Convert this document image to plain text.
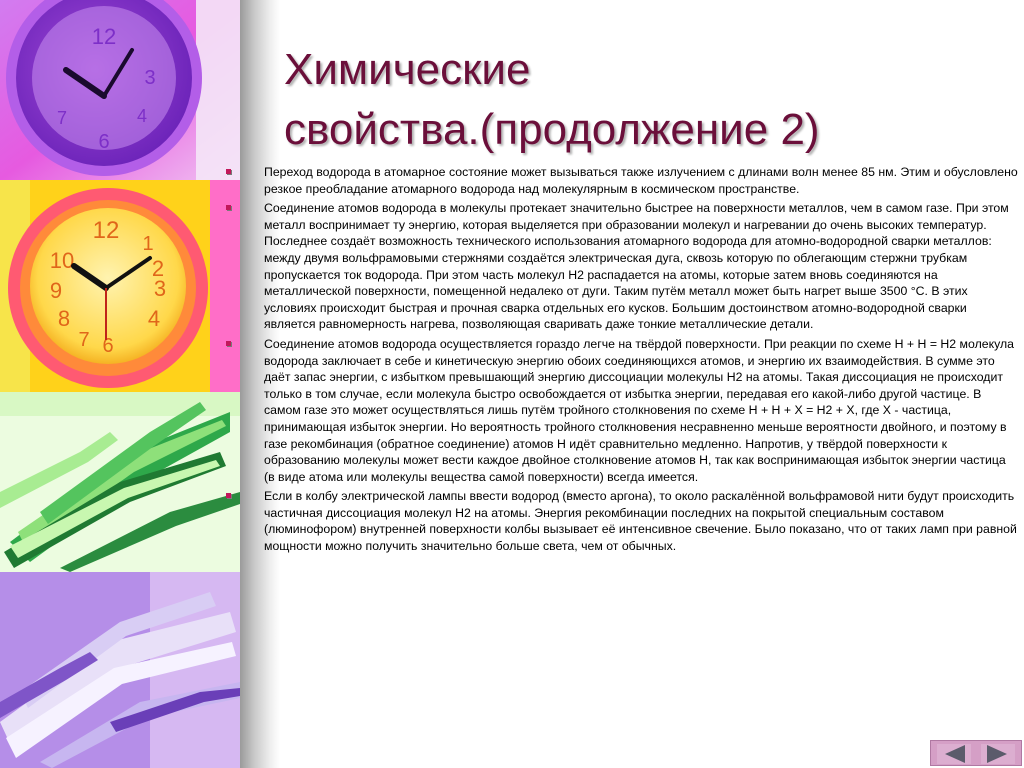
12
3
6
7	4
12 1
2
3
4
10
9
8
7 6
Химические
свойства.(продолжение 2)
Переход водорода в атомарное состояние может вызываться также излучением с длинами волн менее 85 нм. Этим и обусловлено резкое преобладание атомарного водорода над молекулярным в космическом пространстве.
Соединение атомов водорода в молекулы протекает значительно быстрее на поверхности металлов, чем в самом газе. При этом металл воспринимает ту энергию, которая выделяется при образовании молекул и нагревании до очень высоких температур. Последнее создаёт возможность технического использования атомарного водорода для атомно-водородной сварки металлов: между двумя вольфрамовыми стержнями создаётся электрическая дуга, сквозь которую по облегающим стержни трубкам пропускается ток водорода. При этом часть молекул Н2 распадается на атомы, которые затем вновь соединяются на металлической поверхности, помещенной недалеко от дуги. Таким путём металл может быть нагрет выше 3500 °С. В этих условиях происходит быстрая и прочная сварка отдельных его кусков. Большим достоинством атомно-водородной сварки является равномерность нагрева, позволяющая сваривать даже тонкие металлические детали.
Соединение атомов водорода осуществляется гораздо легче на твёрдой поверхности. При реакции по схеме Н + Н = Н2 молекула водорода заключает в себе и кинетическую энергию обоих соединяющихся атомов, и энергию их взаимодействия. В сумме это даёт запас энергии, с избытком превышающий энергию диссоциации молекулы Н2 на атомы. Такая диссоциация не происходит только в том случае, если молекула быстро освобождается от избытка энергии, передавая его какой-либо другой частице. В самом газе это может осуществляться лишь путём тройного столкновения по схеме Н + Н + Х = Н2 + Х, где Х - частица, принимающая избыток энергии. Но вероятность тройного столкновения несравненно меньше вероятности двойного, и поэтому в газе рекомбинация (обратное соединение) атомов Н идёт сравнительно медленно. Напротив, у твёрдой поверхности к образованию молекулы может вести каждое двойное столкновение атомов Н, так как воспринимающая избыток энергии частица (в виде атома или молекулы вещества самой поверхности) всегда имеется.
Если в колбу электрической лампы ввести водород (вместо аргона), то около раскалённой вольфрамовой нити будут происходить частичная диссоциация молекул Н2 на атомы. Энергия рекомбинации последних на покрытой специальным составом (люминофором) внутренней поверхности колбы вызывает её интенсивное свечение. Было показано, что от таких ламп при равной мощности можно получить значительно больше света, чем от обычных.
